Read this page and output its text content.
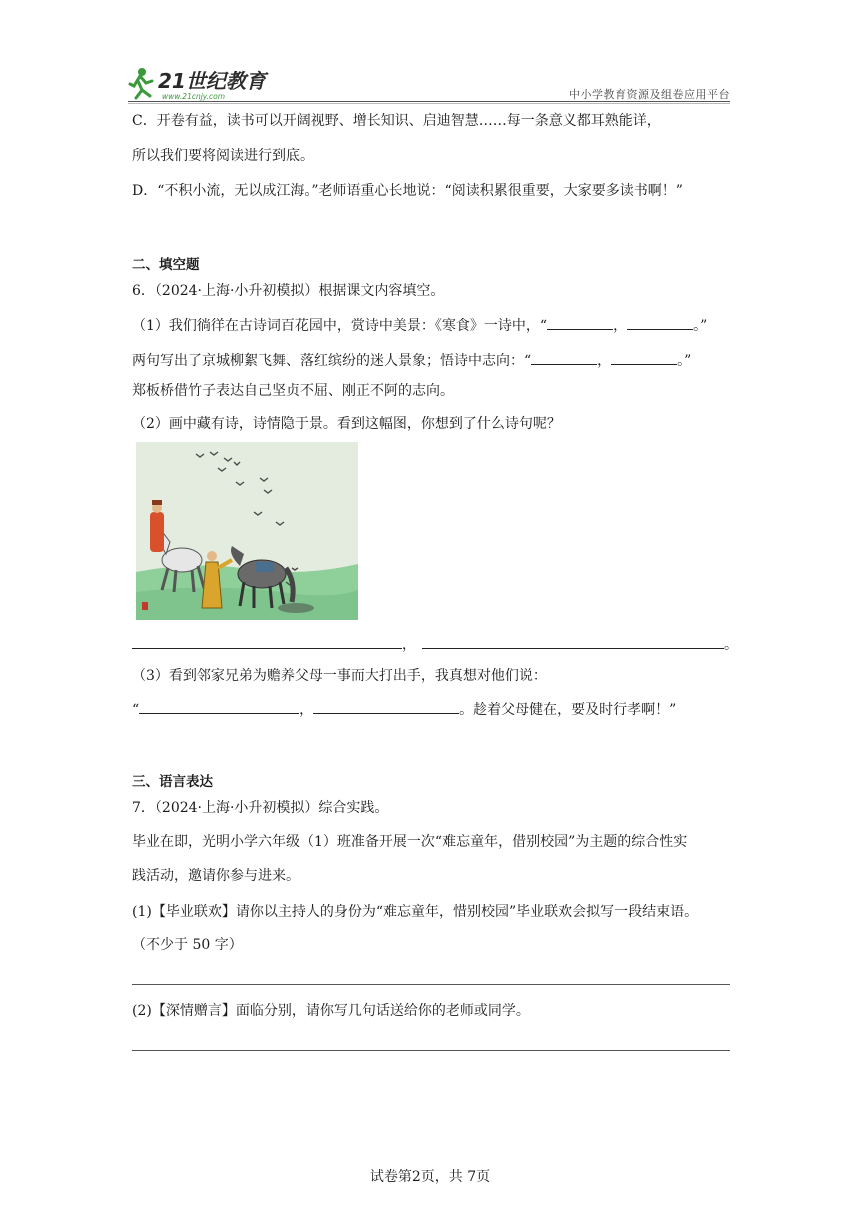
21世纪教育
www.21cnjy.com	中小学教育资源及组卷应用平台
C．开卷有益，读书可以开阔视野、增长知识、启迪智慧……每一条意义都耳熟能详，
所以我们要将阅读进行到底。
D．“不积小流，无以成江海。”老师语重心长地说：“阅读积累很重要，大家要多读书啊！”
二、填空题
6．（2024·上海·小升初模拟）根据课文内容填空。
（1）我们徜徉在古诗词百花园中，赏诗中美景：《寒食》一诗中，“	，	。”
两句写出了京城柳絮飞舞、落红缤纷的迷人景象；悟诗中志向：“	，	。”
郑板桥借竹子表达自己坚贞不屈、刚正不阿的志向。
（2）画中藏有诗，诗情隐于景。看到这幅图，你想到了什么诗句呢？
，	。
（3）看到邻家兄弟为赡养父母一事而大打出手，我真想对他们说：
“	，	。趁着父母健在，要及时行孝啊！”
三、语言表达
7．（2024·上海·小升初模拟）综合实践。
毕业在即，光明小学六年级（1）班准备开展一次“难忘童年，借别校园”为主题的综合性实
践活动，邀请你参与进来。
(1)【毕业联欢】请你以主持人的身份为“难忘童年，惜别校园”毕业联欢会拟写一段结束语。
（不少于 50 字）
(2)【深情赠言】面临分别，请你写几句话送给你的老师或同学。
试卷第2页，共 7页
